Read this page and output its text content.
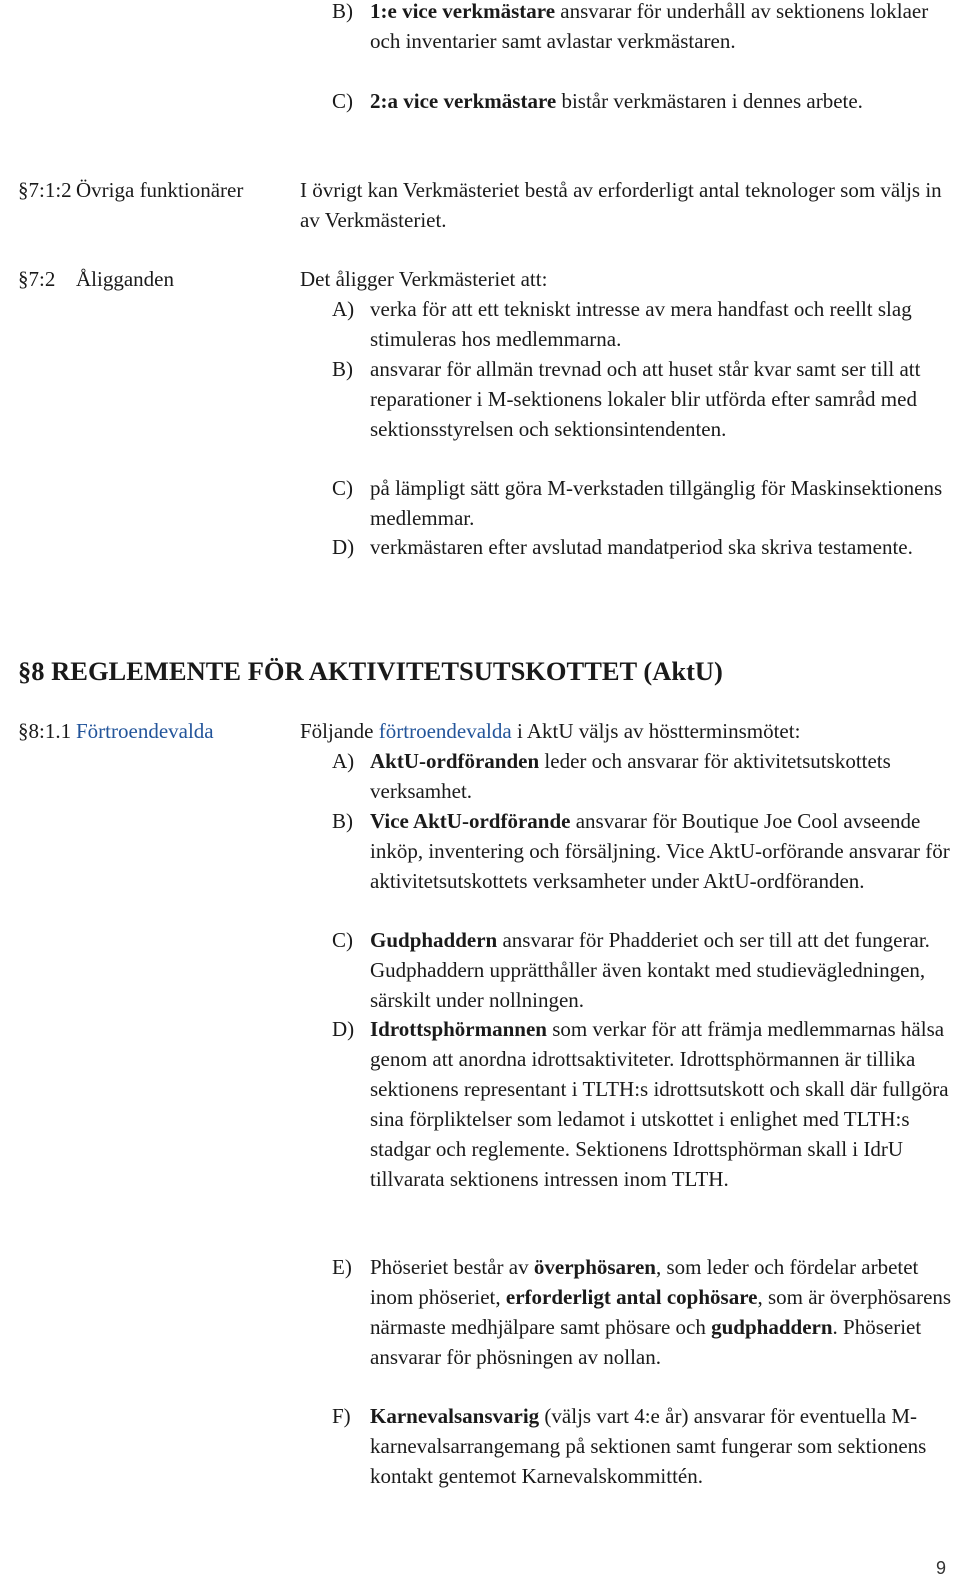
B) 1:e vice verkmästare ansvarar för underhåll av sektionens loklaer och inventarier samt avlastar verkmästaren.
C) 2:a vice verkmästare bistår verkmästaren i dennes arbete.
§7:1:2 Övriga funktionärer	I övrigt kan Verkmästeriet bestå av erforderligt antal teknologer som väljs in av Verkmästeriet.
§7:2 Åligganden	Det åligger Verkmästeriet att:
A) verka för att ett tekniskt intresse av mera handfast och reellt slag stimuleras hos medlemmarna.
B) ansvarar för allmän trevnad och att huset står kvar samt ser till att reparationer i M-sektionens lokaler blir utförda efter samråd med sektionsstyrelsen och sektionsintendenten.
C) på lämpligt sätt göra M-verkstaden tillgänglig för Maskinsektionens medlemmar.
D) verkmästaren efter avslutad mandatperiod ska skriva testamente.
§8 REGLEMENTE FÖR AKTIVITETSUTSKOTTET (AktU)
§8:1.1 Förtroendevalda	Följande förtroendevalda i AktU väljs av höstterminsmötet:
A) AktU-ordföranden leder och ansvarar för aktivitetsutskottets verksamhet.
B) Vice AktU-ordförande ansvarar för Boutique Joe Cool avseende inköp, inventering och försäljning. Vice AktU-orförande ansvarar för aktivitetsutskottets verksamheter under AktU-ordföranden.
C) Gudphaddern ansvarar för Phadderiet och ser till att det fungerar. Gudphaddern upprätthåller även kontakt med studievägledningen, särskilt under nollningen.
D) Idrottsphörmannen som verkar för att främja medlemmarnas hälsa genom att anordna idrottsaktiviteter. Idrottsphörmannen är tillika sektionens representant i TLTH:s idrottsutskott och skall där fullgöra sina förpliktelser som ledamot i utskottet i enlighet med TLTH:s stadgar och reglemente. Sektionens Idrottsphörman skall i IdrU tillvarata sektionens intressen inom TLTH.
E) Phöseriet består av överphösaren, som leder och fördelar arbetet inom phöseriet, erforderligt antal cophösare, som är överphösarens närmaste medhjälpare samt phösare och gudphaddern. Phöseriet ansvarar för phösningen av nollan.
F) Karnevalsansvarig (väljs vart 4:e år) ansvarar för eventuella M-karnevalsarrangemang på sektionen samt fungerar som sektionens kontakt gentemot Karnevalskommittén.
9
